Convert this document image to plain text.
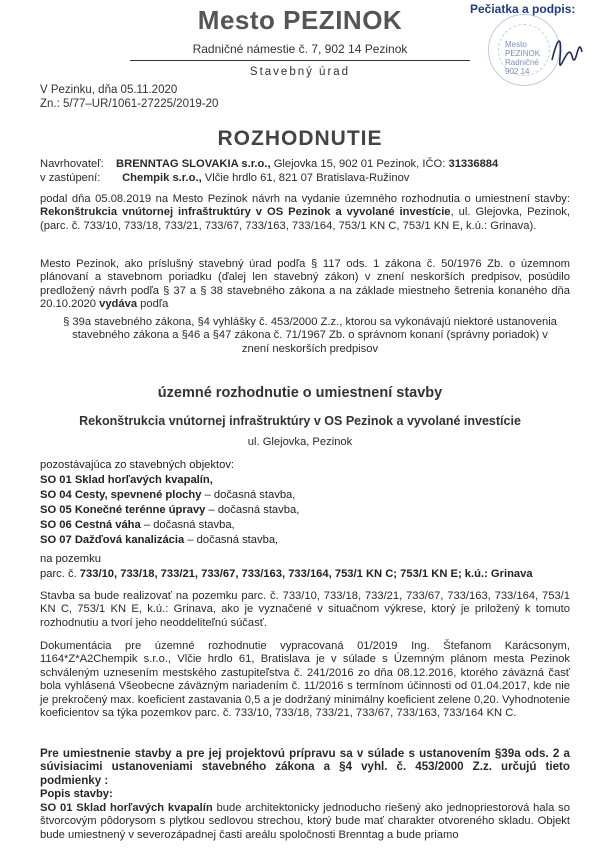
Mesto PEZINOK	Pečiatka a podpis:
Mesto
PEZINOK
Radničné
902 14
Radničné námestie č. 7, 902 14 Pezinok
Stavebný úrad
V Pezinku, dňa 05.11.2020
Zn.: 5/77–UR/1061-27225/2019-20
ROZHODNUTIE
Navrhovateľ: BRENNTAG SLOVAKIA s.r.o., Glejovka 15, 902 01 Pezinok, IČO: 31336884
v zastúpení: Chempik s.r.o., Vlčie hrdlo 61, 821 07 Bratislava-Ružinov
podal dňa 05.08.2019 na Mesto Pezinok návrh na vydanie územného rozhodnutia o umiestnení stavby: Rekonštrukcia vnútornej infraštruktúry v OS Pezinok a vyvolané investície, ul. Glejovka, Pezinok, (parc. č. 733/10, 733/18, 733/21, 733/67, 733/163, 733/164, 753/1 KN C, 753/1 KN E, k.ú.: Grinava).
Mesto Pezinok, ako príslušný stavebný úrad podľa § 117 ods. 1 zákona č. 50/1976 Zb. o územnom plánovaní a stavebnom poriadku (ďalej len stavebný zákon) v znení neskorších predpisov, posúdilo predložený návrh podľa § 37 a § 38 stavebného zákona a na základe miestneho šetrenia konaného dňa 20.10.2020 vydáva podľa
§ 39a stavebného zákona, §4 vyhlášky č. 453/2000 Z.z., ktorou sa vykonávajú niektoré ustanovenia stavebného zákona a §46 a §47 zákona č. 71/1967 Zb. o správnom konaní (správny poriadok) v znení neskorších predpisov
územné rozhodnutie o umiestnení stavby
Rekonštrukcia vnútornej infraštruktúry v OS Pezinok a vyvolané investície
ul. Glejovka, Pezinok
pozostávajúca zo stavebných objektov:
SO 01 Sklad horľavých kvapalín,
SO 04 Cesty, spevnené plochy – dočasná stavba,
SO 05 Konečné terénne úpravy – dočasná stavba,
SO 06 Cestná váha – dočasná stavba,
SO 07 Dažďová kanalizácia – dočasná stavba,
na pozemku
parc. č. 733/10, 733/18, 733/21, 733/67, 733/163, 733/164, 753/1 KN C; 753/1 KN E; k.ú.: Grinava
Stavba sa bude realizovať na pozemku parc. č. 733/10, 733/18, 733/21, 733/67, 733/163, 733/164, 753/1 KN C, 753/1 KN E, k.ú.: Grinava, ako je vyznačené v situačnom výkrese, ktorý je priložený k tomuto rozhodnutiu a tvorí jeho neoddeliteľnú súčasť.
Dokumentácia pre územné rozhodnutie vypracovaná 01/2019 Ing. Štefanom Karácsonym, 1164*Z*A2Chempik s.r.o., Vlčie hrdlo 61, Bratislava je v súlade s Územným plánom mesta Pezinok schváleným uznesením mestského zastupiteľstva č. 241/2016 zo dňa 08.12.2016, ktorého záväzná časť bola vyhlásená Všeobecne záväzným nariadením č. 11/2016 s termínom účinnosti od 01.04.2017, kde nie je prekročený max. koeficient zastavania 0,5 a je dodržaný minimálny koeficient zelene 0,20. Vyhodnotenie koeficientov sa týka pozemkov parc. č. 733/10, 733/18, 733/21, 733/67, 733/163, 733/164 KN C.
Pre umiestnenie stavby a pre jej projektovú prípravu sa v súlade s ustanovením §39a ods. 2 a súvisiacimi ustanoveniami stavebného zákona a §4 vyhl. č. 453/2000 Z.z. určujú tieto podmienky :
Popis stavby:
SO 01 Sklad horľavých kvapalín bude architektonicky jednoducho riešený ako jednopriestorová hala so štvorcovým pôdorysom s plytkou sedlovou strechou, ktorý bude mať charakter otvoreného skladu. Objekt bude umiestnený v severozápadnej časti areálu spoločnosti Brenntag a bude priamo
